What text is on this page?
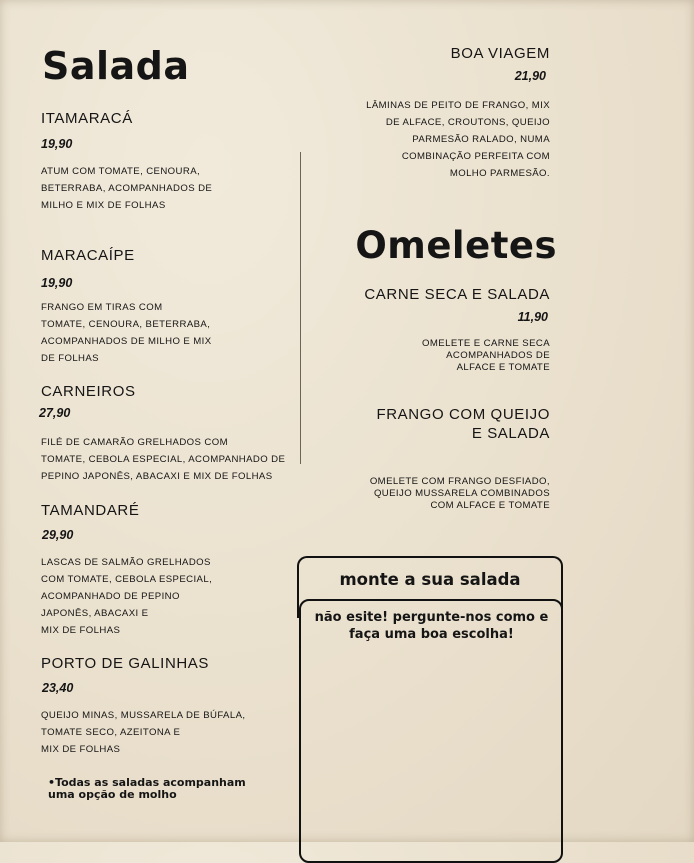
Salada
ITAMARACÁ
19,90
ATUM COM TOMATE, CENOURA,
BETERRABA, ACOMPANHADOS DE
MILHO E MIX DE FOLHAS
MARACAÍPE
19,90
FRANGO EM TIRAS COM
TOMATE, CENOURA, BETERRABA,
ACOMPANHADOS DE MILHO E MIX
DE FOLHAS
CARNEIROS
27,90
FILÉ DE CAMARÃO GRELHADOS COM
TOMATE, CEBOLA ESPECIAL, ACOMPANHADO DE
PEPINO JAPONÊS, ABACAXI E MIX DE FOLHAS
TAMANDARÉ
29,90
LASCAS DE SALMÃO GRELHADOS
COM TOMATE, CEBOLA ESPECIAL,
ACOMPANHADO DE PEPINO
JAPONÊS, ABACAXI E
MIX DE FOLHAS
PORTO DE GALINHAS
23,40
QUEIJO MINAS, MUSSARELA DE BÚFALA,
TOMATE SECO, AZEITONA E
MIX DE FOLHAS
•Todas as saladas acompanham
uma opção de molho
BOA VIAGEM
21,90
LÂMINAS DE PEITO DE FRANGO, MIX
DE ALFACE, CROUTONS, QUEIJO
PARMESÃO RALADO, NUMA
COMBINAÇÃO PERFEITA COM
MOLHO PARMESÃO.
Omeletes
CARNE SECA E SALADA
11,90
OMELETE E CARNE SECA
ACOMPANHADOS DE
ALFACE E TOMATE
FRANGO COM QUEIJO
E SALADA
OMELETE COM FRANGO DESFIADO,
QUEIJO MUSSARELA COMBINADOS
COM ALFACE E TOMATE
monte a sua salada
não esite! pergunte-nos como e
faça uma boa escolha!
